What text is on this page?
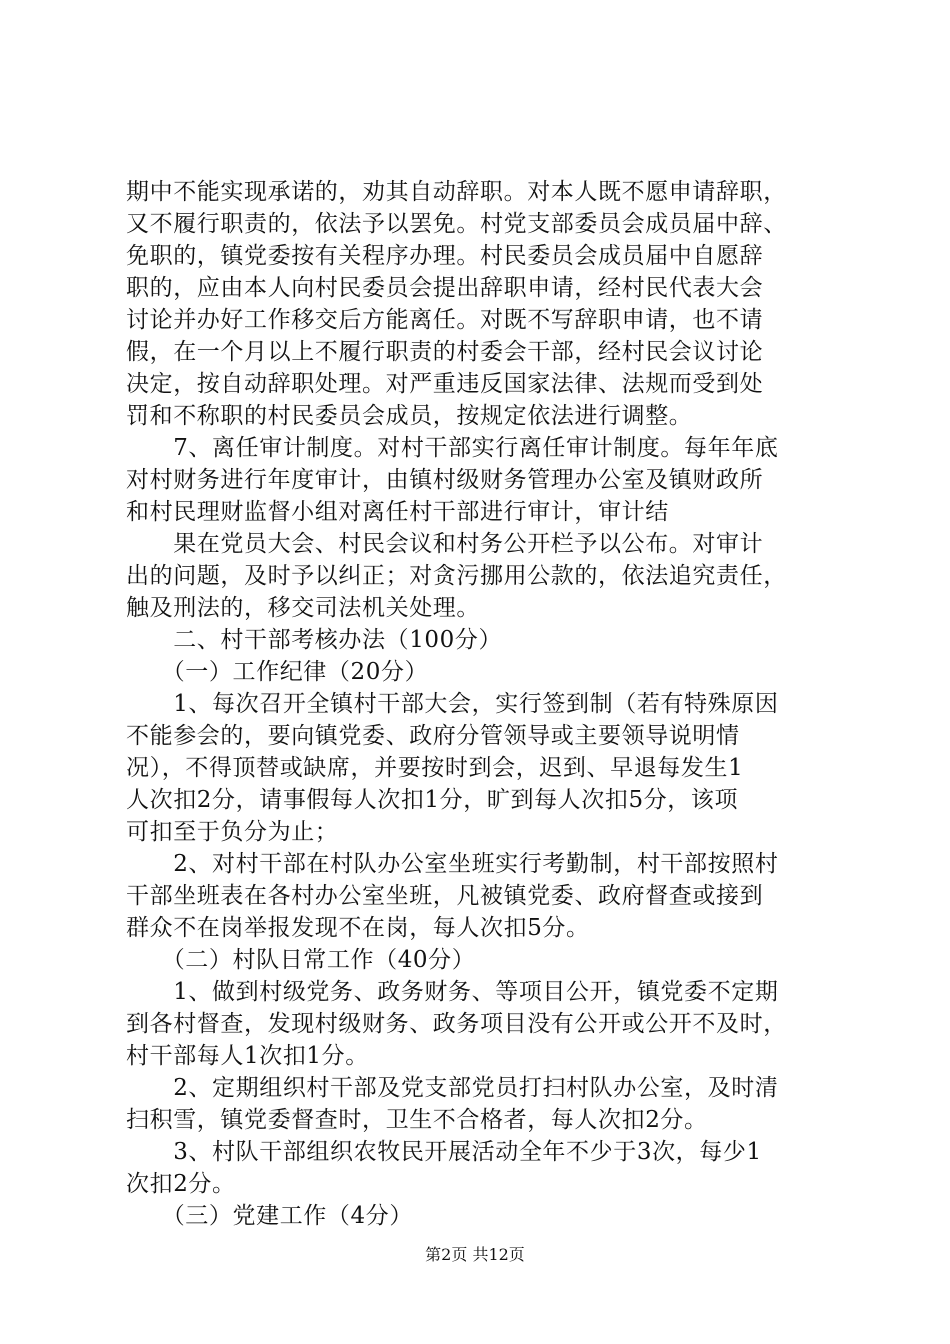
期中不能实现承诺的，劝其自动辞职。对本人既不愿申请辞职，
又不履行职责的，依法予以罢免。村党支部委员会成员届中辞、
免职的，镇党委按有关程序办理。村民委员会成员届中自愿辞
职的，应由本人向村民委员会提出辞职申请，经村民代表大会
讨论并办好工作移交后方能离任。对既不写辞职申请，也不请
假，在一个月以上不履行职责的村委会干部，经村民会议讨论
决定，按自动辞职处理。对严重违反国家法律、法规而受到处
罚和不称职的村民委员会成员，按规定依法进行调整。
　　7、离任审计制度。对村干部实行离任审计制度。每年年底
对村财务进行年度审计，由镇村级财务管理办公室及镇财政所
和村民理财监督小组对离任村干部进行审计，审计结
　　果在党员大会、村民会议和村务公开栏予以公布。对审计
出的问题，及时予以纠正；对贪污挪用公款的，依法追究责任，
触及刑法的，移交司法机关处理。
　　二、村干部考核办法（100分）
　　（一）工作纪律（20分）
　　1、每次召开全镇村干部大会，实行签到制（若有特殊原因
不能参会的，要向镇党委、政府分管领导或主要领导说明情
况），不得顶替或缺席，并要按时到会，迟到、早退每发生1
人次扣2分，请事假每人次扣1分，旷到每人次扣5分，该项
可扣至于负分为止；
　　2、对村干部在村队办公室坐班实行考勤制，村干部按照村
干部坐班表在各村办公室坐班，凡被镇党委、政府督查或接到
群众不在岗举报发现不在岗，每人次扣5分。
　　（二）村队日常工作（40分）
　　1、做到村级党务、政务财务、等项目公开，镇党委不定期
到各村督查，发现村级财务、政务项目没有公开或公开不及时，
村干部每人1次扣1分。
　　2、定期组织村干部及党支部党员打扫村队办公室，及时清
扫积雪，镇党委督查时，卫生不合格者，每人次扣2分。
　　3、村队干部组织农牧民开展活动全年不少于3次，每少1
次扣2分。
　　（三）党建工作（4分）
第2页 共12页
